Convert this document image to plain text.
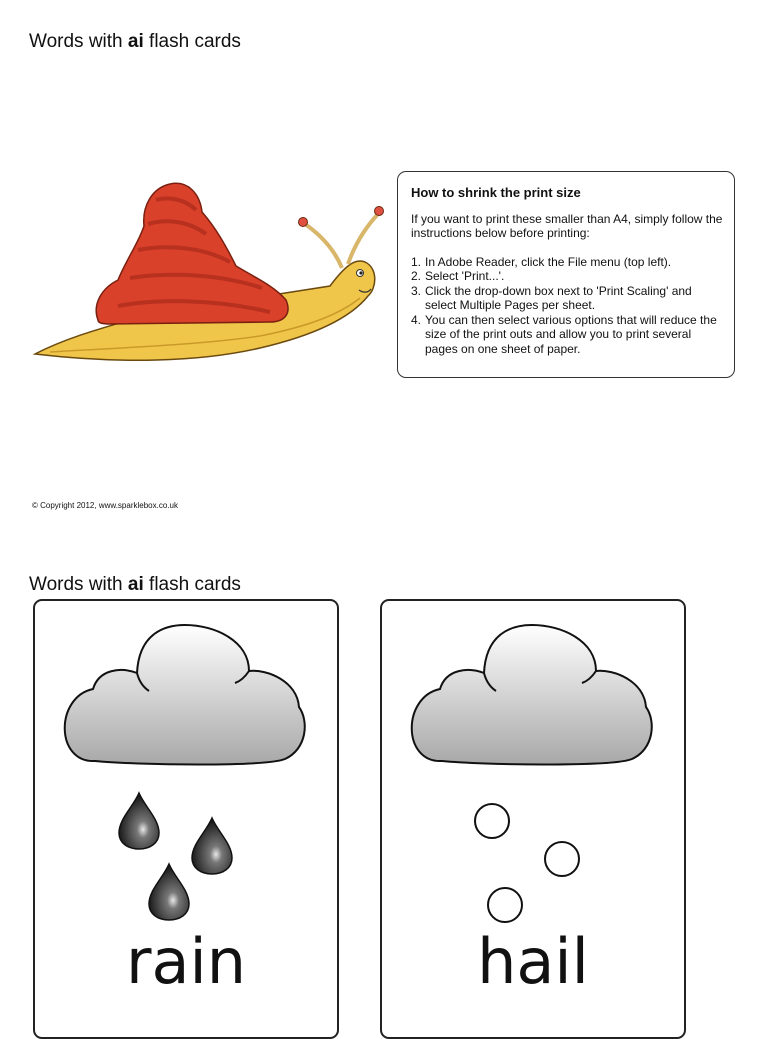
Words with ai flash cards
How to shrink the print size

If you want to print these smaller than A4, simply follow the instructions below before printing:

1. In Adobe Reader, click the File menu (top left).
2. Select 'Print...'.
3. Click the drop-down box next to 'Print Scaling' and select Multiple Pages per sheet.
4. You can then select various options that will reduce the size of the print outs and allow you to print several pages on one sheet of paper.
© Copyright 2012, www.sparklebox.co.uk
Words with ai flash cards
rain	hail
